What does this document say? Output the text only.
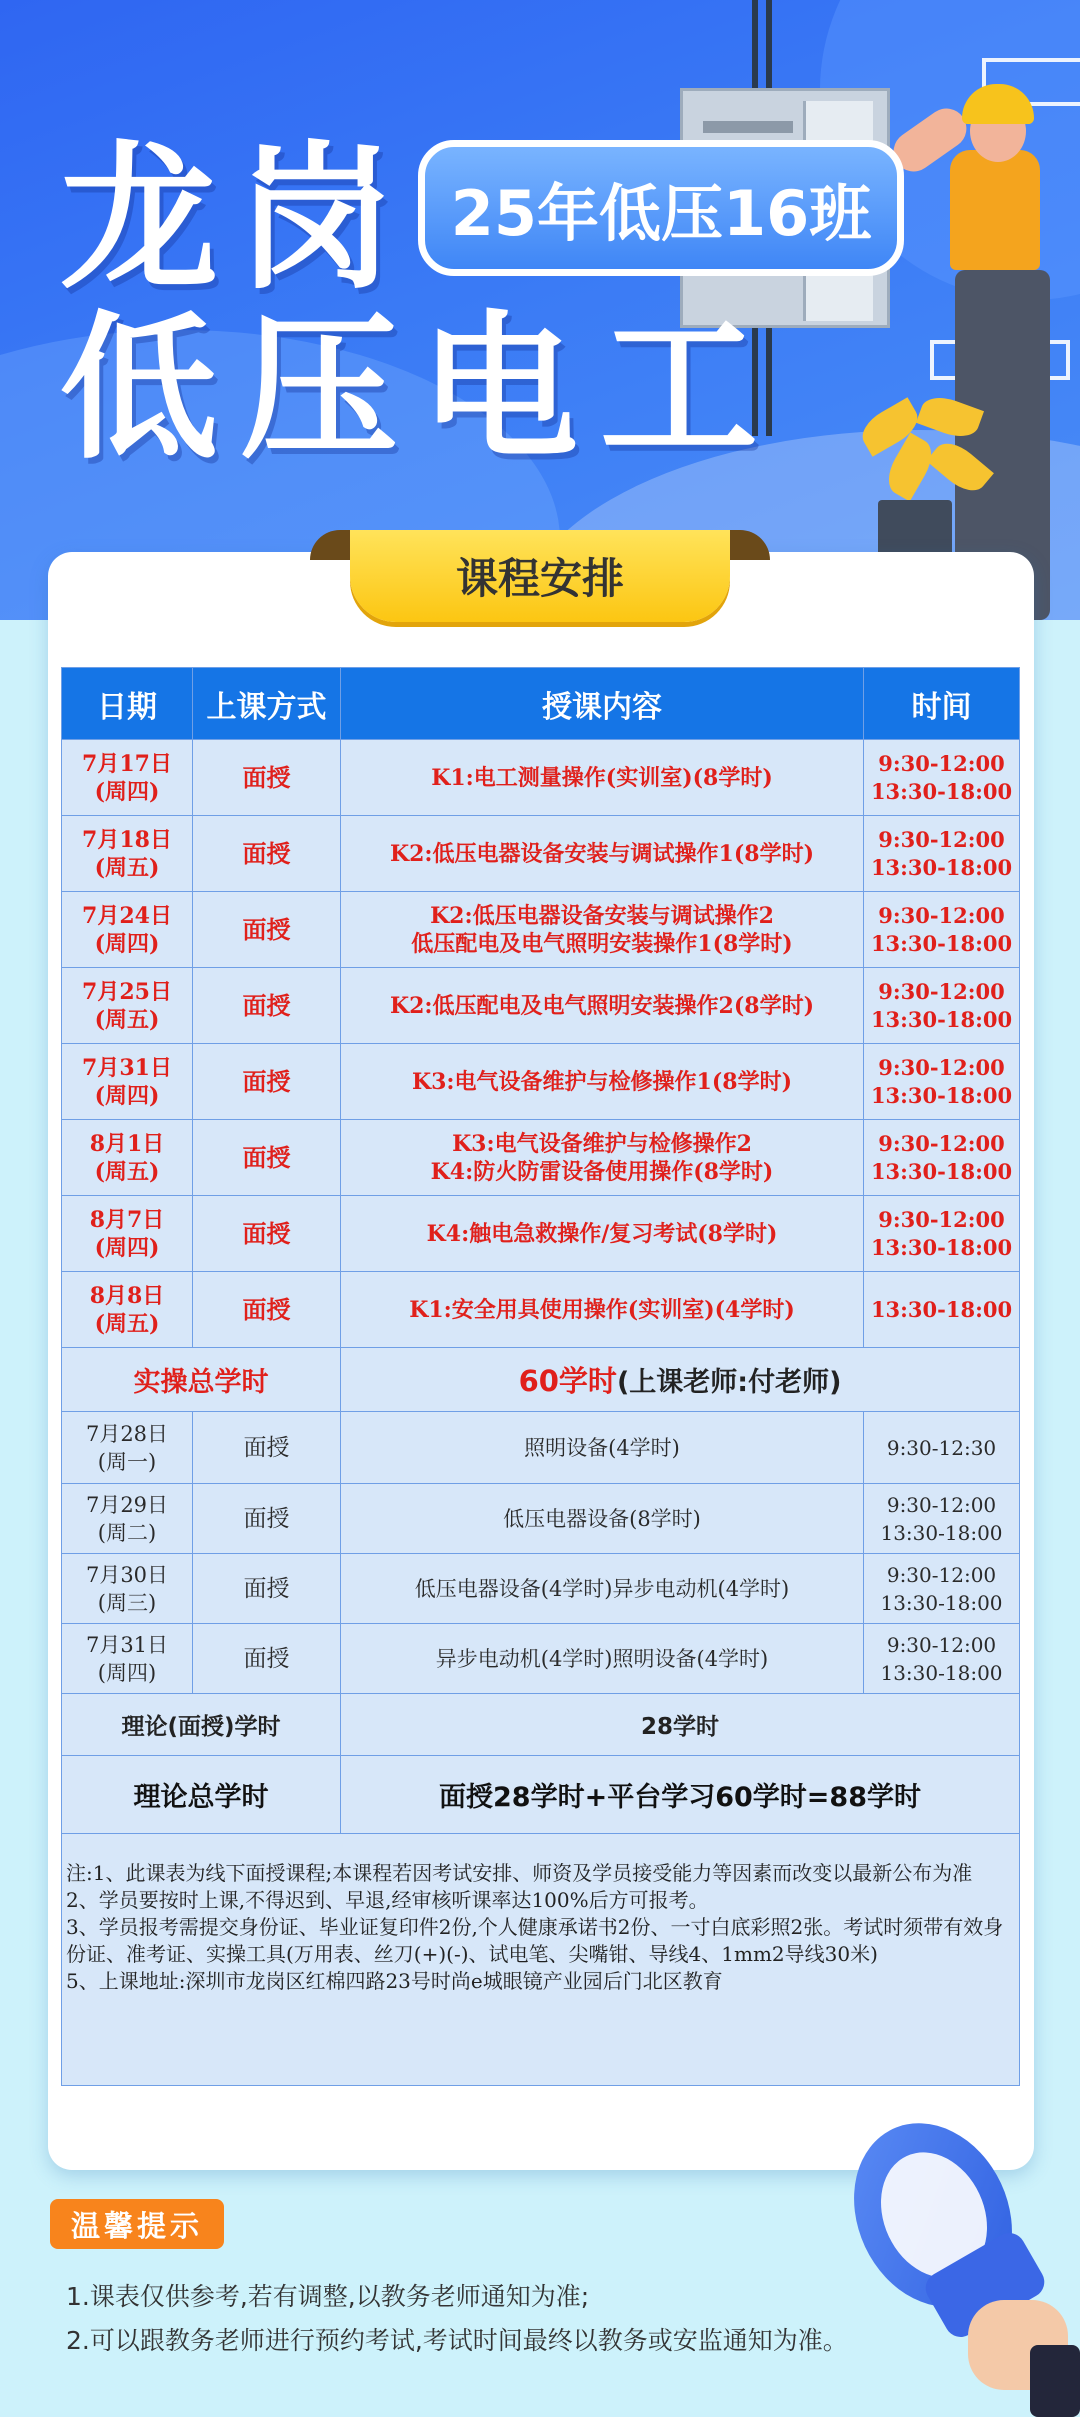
龙岗
低压电工
25年低压16班
课程安排
日期	上课方式	授课内容	时间

7月17日
(周四)	面授	K1:电工测量操作(实训室)(8学时)	9:30-12:00
13:30-18:00

7月18日
(周五)	面授	K2:低压电器设备安装与调试操作1(8学时)	9:30-12:00
13:30-18:00

7月24日
(周四)	面授	K2:低压电器设备安装与调试操作2
低压配电及电气照明安装操作1(8学时)	9:30-12:00
13:30-18:00

7月25日
(周五)	面授	K2:低压配电及电气照明安装操作2(8学时)	9:30-12:00
13:30-18:00

7月31日
(周四)	面授	K3:电气设备维护与检修操作1(8学时)	9:30-12:00
13:30-18:00

8月1日
(周五)	面授	K3:电气设备维护与检修操作2
K4:防火防雷设备使用操作(8学时)	9:30-12:00
13:30-18:00

8月7日
(周四)	面授	K4:触电急救操作/复习考试(8学时)	9:30-12:00
13:30-18:00

8月8日
(周五)	面授	K1:安全用具使用操作(实训室)(4学时)	13:30-18:00

实操总学时		60学时(上课老师:付老师)	

7月28日
(周一)	面授	照明设备(4学时)	9:30-12:30

7月29日
(周二)	面授	低压电器设备(8学时)	9:30-12:00
13:30-18:00

7月30日
(周三)	面授	低压电器设备(4学时)异步电动机(4学时)	9:30-12:00
13:30-18:00

7月31日
(周四)	面授	异步电动机(4学时)照明设备(4学时)	9:30-12:00
13:30-18:00

理论(面授)学时		28学时	
理论总学时		面授28学时+平台学习60学时=88学时	

注:1、此课表为线下面授课程;本课程若因考试安排、师资及学员接受能力等因素而改变以最新公布为准
2、学员要按时上课,不得迟到、早退,经审核听课率达100%后方可报考。
3、学员报考需提交身份证、毕业证复印件2份,个人健康承诺书2份、一寸白底彩照2张。考试时须带有效身份证、准考证、实操工具(万用表、丝刀(+)(-)、试电笔、尖嘴钳、导线4、1mm2导线30米)
5、上课地址:深圳市龙岗区红棉四路23号时尚e城眼镜产业园后门北区教育			
温馨提示
1.课表仅供参考,若有调整,以教务老师通知为准;
2.可以跟教务老师进行预约考试,考试时间最终以教务或安监通知为准。
